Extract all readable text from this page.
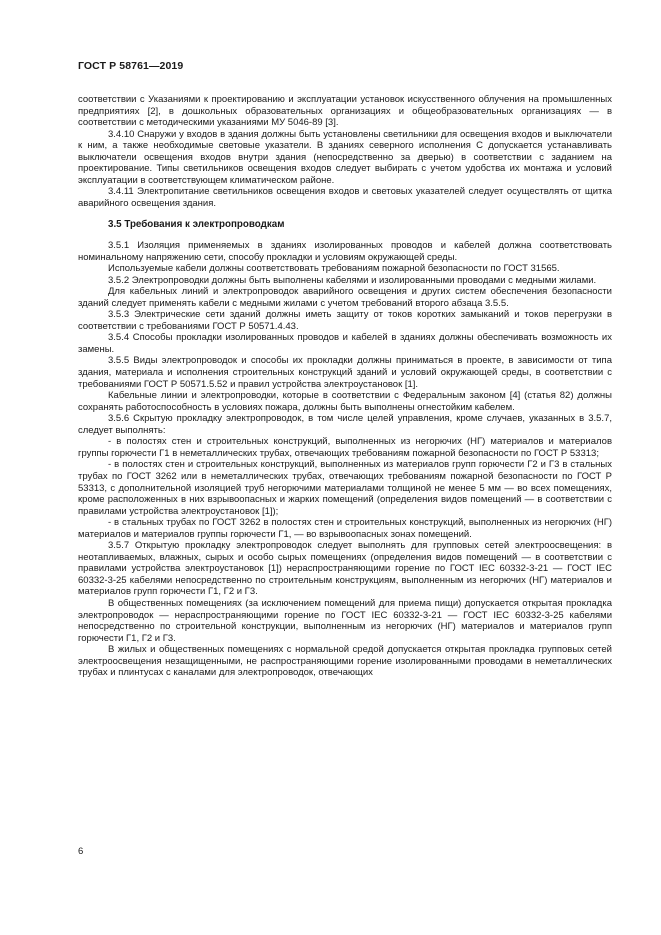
ГОСТ Р 58761—2019

соответствии с Указаниями к проектированию и эксплуатации установок искусственного облучения на промышленных предприятиях [2], в дошкольных образовательных организациях и общеобразовательных организациях — в соответствии с методическими указаниями МУ 5046-89 [3].

3.4.10 Снаружи у входов в здания должны быть установлены светильники для освещения входов и выключатели к ним, а также необходимые световые указатели. В зданиях северного исполнения С допускается устанавливать выключатели освещения входов внутри здания (непосредственно за дверью) в соответствии с заданием на проектирование. Типы светильников освещения входов следует выбирать с учетом удобства их монтажа и условий эксплуатации в соответствующем климатическом районе.

3.4.11 Электропитание светильников освещения входов и световых указателей следует осуществлять от щитка аварийного освещения здания.

3.5 Требования к электропроводкам

3.5.1 Изоляция применяемых в зданиях изолированных проводов и кабелей должна соответствовать номинальному напряжению сети, способу прокладки и условиям окружающей среды.

Используемые кабели должны соответствовать требованиям пожарной безопасности по ГОСТ 31565.

3.5.2 Электропроводки должны быть выполнены кабелями и изолированными проводами с медными жилами.

Для кабельных линий и электропроводок аварийного освещения и других систем обеспечения безопасности зданий следует применять кабели с медными жилами с учетом требований второго абзаца 3.5.5.

3.5.3 Электрические сети зданий должны иметь защиту от токов коротких замыканий и токов перегрузки в соответствии с требованиями ГОСТ Р 50571.4.43.

3.5.4 Способы прокладки изолированных проводов и кабелей в зданиях должны обеспечивать возможность их замены.

3.5.5 Виды электропроводок и способы их прокладки должны приниматься в проекте, в зависимости от типа здания, материала и исполнения строительных конструкций зданий и условий окружающей среды, в соответствии с требованиями ГОСТ Р 50571.5.52 и правил устройства электроустановок [1].

Кабельные линии и электропроводки, которые в соответствии с Федеральным законом [4] (статья 82) должны сохранять работоспособность в условиях пожара, должны быть выполнены огнестойким кабелем.

3.5.6 Скрытую прокладку электропроводок, в том числе целей управления, кроме случаев, указанных в 3.5.7, следует выполнять:

- в полостях стен и строительных конструкций, выполненных из негорючих (НГ) материалов и материалов группы горючести Г1 в неметаллических трубах, отвечающих требованиям пожарной безопасности по ГОСТ Р 53313;

- в полостях стен и строительных конструкций, выполненных из материалов групп горючести Г2 и Г3 в стальных трубах по ГОСТ 3262 или в неметаллических трубах, отвечающих требованиям пожарной безопасности по ГОСТ Р 53313, с дополнительной изоляцией труб негорючими материалами толщиной не менее 5 мм — во всех помещениях, кроме расположенных в них взрывоопасных и жарких помещений (определения видов помещений — в соответствии с правилами устройства электроустановок [1]);

- в стальных трубах по ГОСТ 3262 в полостях стен и строительных конструкций, выполненных из негорючих (НГ) материалов и материалов группы горючести Г1, — во взрывоопасных зонах помещений.

3.5.7 Открытую прокладку электропроводок следует выполнять для групповых сетей электроосвещения: в неотапливаемых, влажных, сырых и особо сырых помещениях (определения видов помещений — в соответствии с правилами устройства электроустановок [1]) нераспространяющими горение по ГОСТ IEC 60332-3-21 — ГОСТ IEC 60332-3-25 кабелями непосредственно по строительным конструкциям, выполненным из негорючих (НГ) материалов и материалов групп горючести Г1, Г2 и Г3.

В общественных помещениях (за исключением помещений для приема пищи) допускается открытая прокладка электропроводок — нераспространяющими горение по ГОСТ IEC 60332-3-21 — ГОСТ IEC 60332-3-25 кабелями непосредственно по строительной конструкции, выполненным из негорючих (НГ) материалов и материалов групп горючести Г1, Г2 и Г3.

В жилых и общественных помещениях с нормальной средой допускается открытая прокладка групповых сетей электроосвещения незащищенными, не распространяющими горение изолированными проводами в неметаллических трубах и плинтусах с каналами для электропроводок, отвечающих

6
